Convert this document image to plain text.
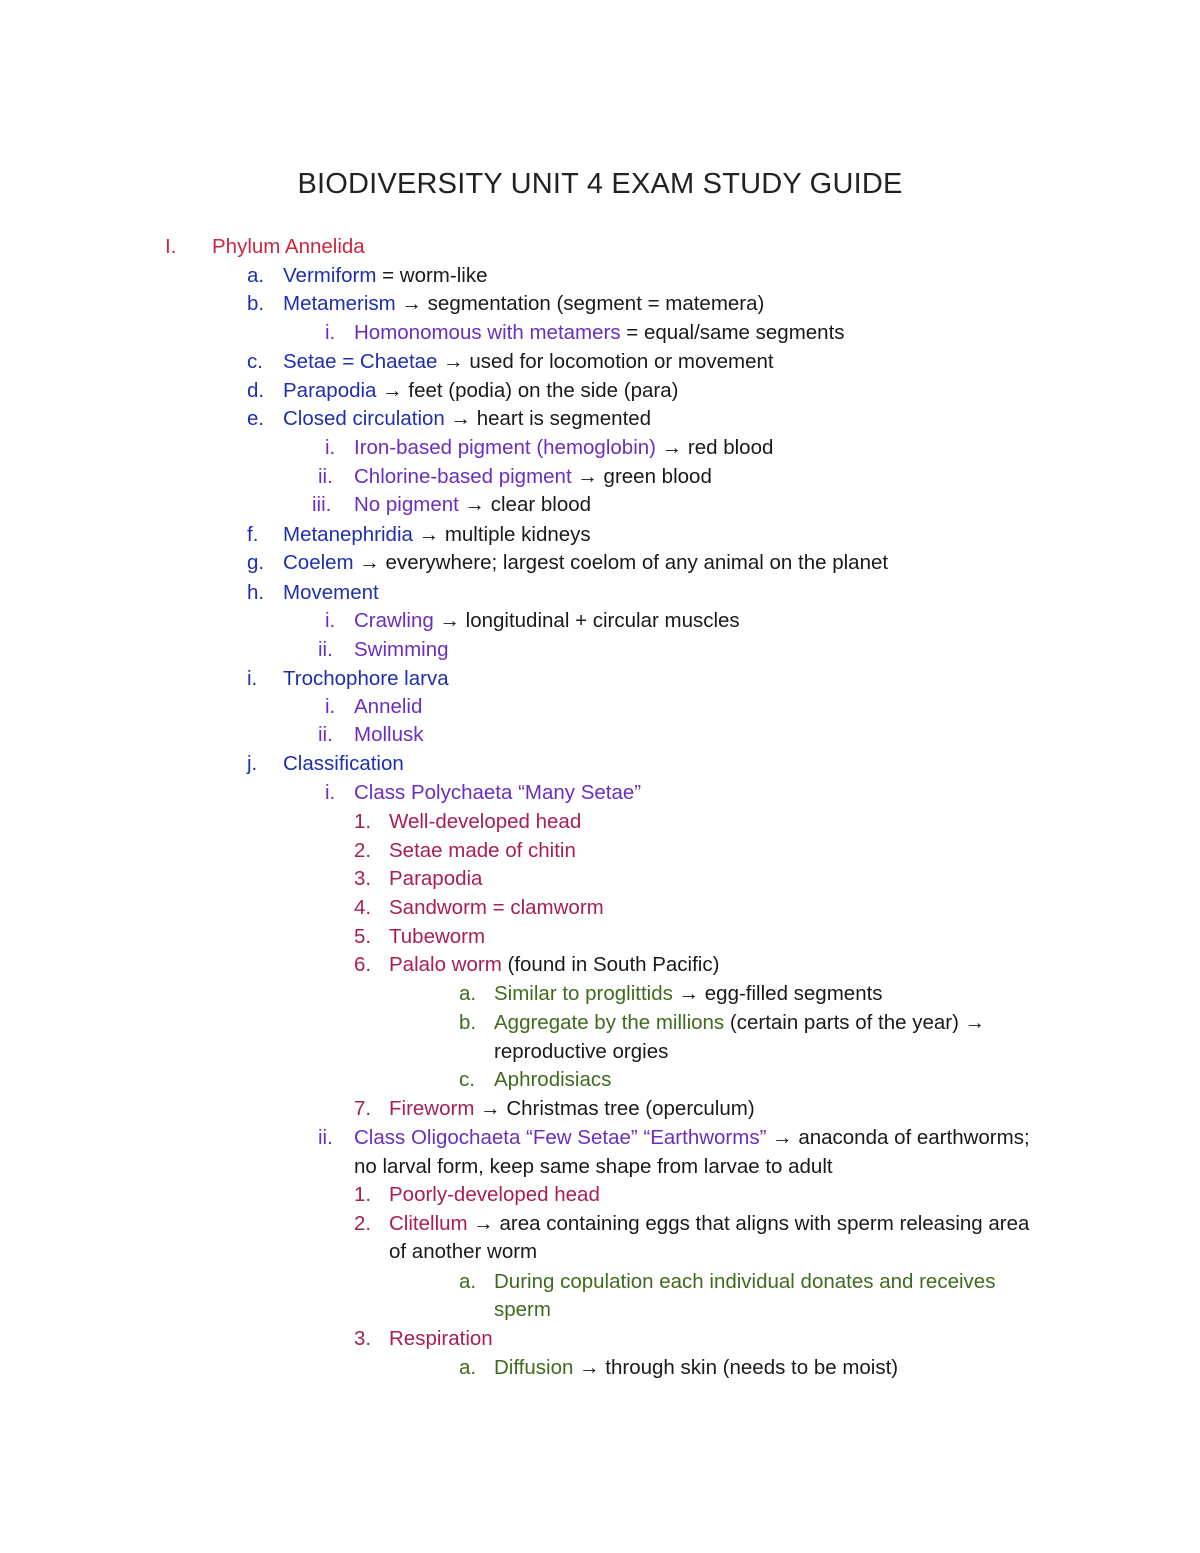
BIODIVERSITY UNIT 4 EXAM STUDY GUIDE
I. Phylum Annelida
a. Vermiform = worm-like
b. Metamerism → segmentation (segment = matemera)
i. Homonomous with metamers = equal/same segments
c. Setae = Chaetae → used for locomotion or movement
d. Parapodia → feet (podia) on the side (para)
e. Closed circulation → heart is segmented
i. Iron-based pigment (hemoglobin) → red blood
ii. Chlorine-based pigment → green blood
iii. No pigment → clear blood
f. Metanephridia → multiple kidneys
g. Coelem → everywhere; largest coelom of any animal on the planet
h. Movement
i. Crawling → longitudinal + circular muscles
ii. Swimming
i. Trochophore larva
i. Annelid
ii. Mollusk
j. Classification
i. Class Polychaeta “Many Setae”
1. Well-developed head
2. Setae made of chitin
3. Parapodia
4. Sandworm = clamworm
5. Tubeworm
6. Palalo worm (found in South Pacific)
a. Similar to proglittids → egg-filled segments
b. Aggregate by the millions (certain parts of the year) →
reproductive orgies
c. Aphrodisiacs
7. Fireworm → Christmas tree (operculum)
ii. Class Oligochaeta “Few Setae” “Earthworms” → anaconda of earthworms;
no larval form, keep same shape from larvae to adult
1. Poorly-developed head
2. Clitellum → area containing eggs that aligns with sperm releasing area
of another worm
a. During copulation each individual donates and receives
sperm
3. Respiration
a. Diffusion → through skin (needs to be moist)
